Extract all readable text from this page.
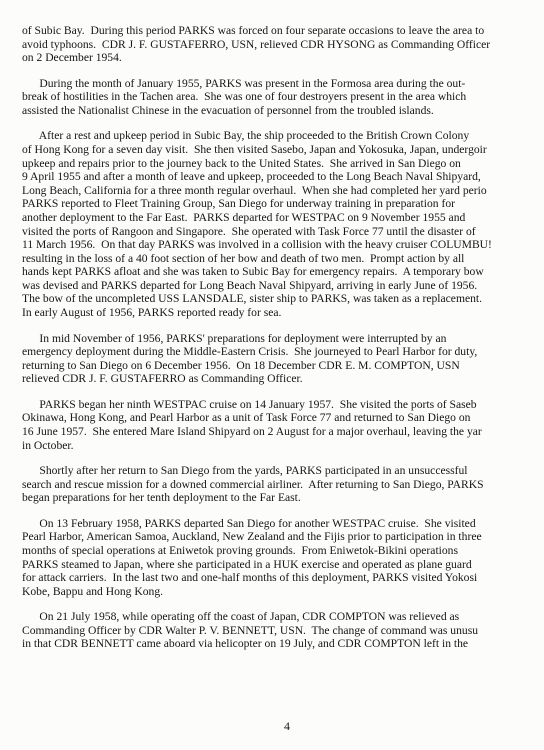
of Subic Bay.  During this period PARKS was forced on four separate occasions to leave the area to
avoid typhoons.  CDR J. F. GUSTAFERRO, USN, relieved CDR HYSONG as Commanding Officer
on 2 December 1954.
During the month of January 1955, PARKS was present in the Formosa area during the out-
break of hostilities in the Tachen area.  She was one of four destroyers present in the area which
assisted the Nationalist Chinese in the evacuation of personnel from the troubled islands.
After a rest and upkeep period in Subic Bay, the ship proceeded to the British Crown Colony
of Hong Kong for a seven day visit.  She then visited Sasebo, Japan and Yokosuka, Japan, undergoir
upkeep and repairs prior to the journey back to the United States.  She arrived in San Diego on
9 April 1955 and after a month of leave and upkeep, proceeded to the Long Beach Naval Shipyard,
Long Beach, California for a three month regular overhaul.  When she had completed her yard perio
PARKS reported to Fleet Training Group, San Diego for underway training in preparation for
another deployment to the Far East.  PARKS departed for WESTPAC on 9 November 1955 and
visited the ports of Rangoon and Singapore.  She operated with Task Force 77 until the disaster of
11 March 1956.  On that day PARKS was involved in a collision with the heavy cruiser COLUMBU!
resulting in the loss of a 40 foot section of her bow and death of two men.  Prompt action by all
hands kept PARKS afloat and she was taken to Subic Bay for emergency repairs.  A temporary bow
was devised and PARKS departed for Long Beach Naval Shipyard, arriving in early June of 1956.
The bow of the uncompleted USS LANSDALE, sister ship to PARKS, was taken as a replacement.
In early August of 1956, PARKS reported ready for sea.
In mid November of 1956, PARKS' preparations for deployment were interrupted by an
emergency deployment during the Middle-Eastern Crisis.  She journeyed to Pearl Harbor for duty,
returning to San Diego on 6 December 1956.  On 18 December CDR E. M. COMPTON, USN
relieved CDR J. F. GUSTAFERRO as Commanding Officer.
PARKS began her ninth WESTPAC cruise on 14 January 1957.  She visited the ports of Saseb
Okinawa, Hong Kong, and Pearl Harbor as a unit of Task Force 77 and returned to San Diego on
16 June 1957.  She entered Mare Island Shipyard on 2 August for a major overhaul, leaving the yar
in October.
Shortly after her return to San Diego from the yards, PARKS participated in an unsuccessful
search and rescue mission for a downed commercial airliner.  After returning to San Diego, PARKS
began preparations for her tenth deployment to the Far East.
On 13 February 1958, PARKS departed San Diego for another WESTPAC cruise.  She visited
Pearl Harbor, American Samoa, Auckland, New Zealand and the Fijis prior to participation in three
months of special operations at Eniwetok proving grounds.  From Eniwetok-Bikini operations
PARKS steamed to Japan, where she participated in a HUK exercise and operated as plane guard
for attack carriers.  In the last two and one-half months of this deployment, PARKS visited Yokosi
Kobe, Bappu and Hong Kong.
On 21 July 1958, while operating off the coast of Japan, CDR COMPTON was relieved as
Commanding Officer by CDR Walter P. V. BENNETT, USN.  The change of command was unusu
in that CDR BENNETT came aboard via helicopter on 19 July, and CDR COMPTON left in the
4
